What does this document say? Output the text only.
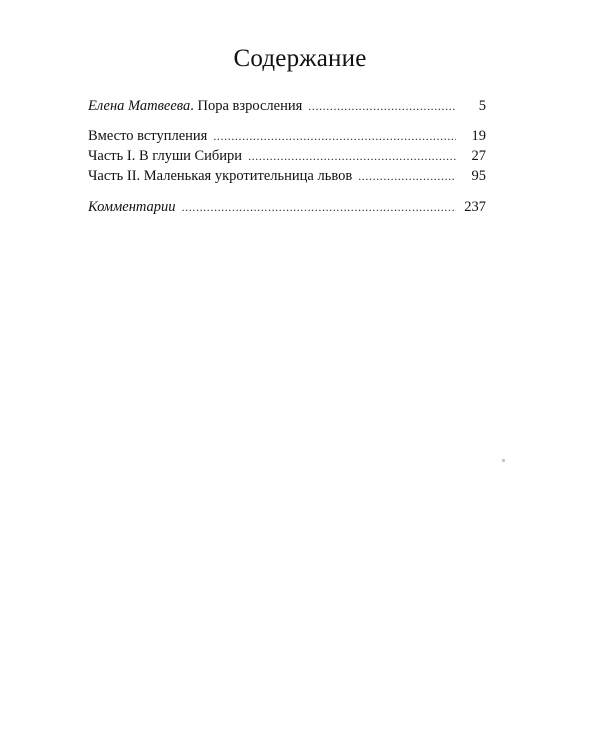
Содержание
Елена Матвеева. Пора взросления . . .	5
Вместо вступления . . .	19
Часть I. В глуши Сибири . . .	27
Часть II. Маленькая укротительница львов . . .	95
Комментарии . . .	237
